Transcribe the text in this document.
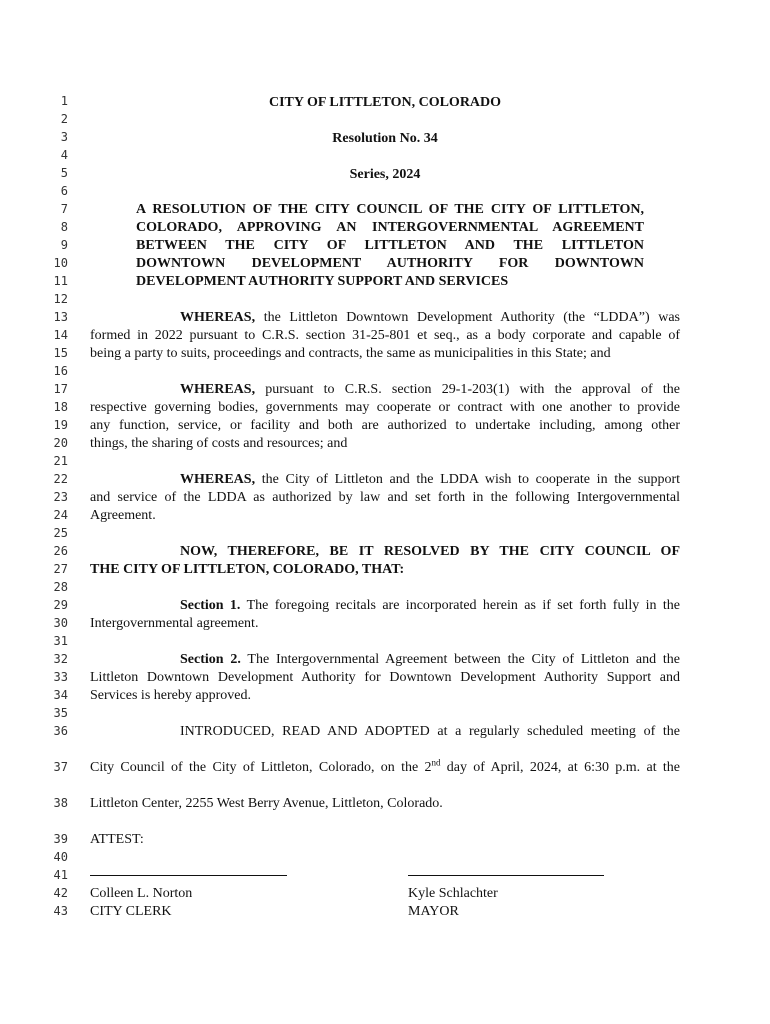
1
2
3
4
5
6
7
8
9
10
11
12
13
14
15
16
17
18
19
20
21
22
23
24
25
26
27
28
29
30
31
32
33
34
35
36
37
38
39
40
41
42
43
CITY OF LITTLETON, COLORADO
Resolution No. 34
Series, 2024
A RESOLUTION OF THE CITY COUNCIL OF THE CITY OF LITTLETON,
COLORADO, APPROVING AN INTERGOVERNMENTAL AGREEMENT
BETWEEN THE CITY OF LITTLETON AND THE LITTLETON
DOWNTOWN DEVELOPMENT AUTHORITY FOR DOWNTOWN
DEVELOPMENT AUTHORITY SUPPORT AND SERVICES
WHEREAS, the Littleton Downtown Development Authority (the “LDDA”) was
formed in 2022 pursuant to C.R.S. section 31-25-801 et seq., as a body corporate and capable of
being a party to suits, proceedings and contracts, the same as municipalities in this State; and
WHEREAS, pursuant to C.R.S. section 29-1-203(1) with the approval of the
respective governing bodies, governments may cooperate or contract with one another to provide
any function, service, or facility and both are authorized to undertake including, among other
things, the sharing of costs and resources; and
WHEREAS, the City of Littleton and the LDDA wish to cooperate in the support
and service of the LDDA as authorized by law and set forth in the following Intergovernmental
Agreement.
NOW, THEREFORE, BE IT RESOLVED BY THE CITY COUNCIL OF
THE CITY OF LITTLETON, COLORADO, THAT:
Section 1. The foregoing recitals are incorporated herein as if set forth fully in the
Intergovernmental agreement.
Section 2. The Intergovernmental Agreement between the City of Littleton and the
Littleton Downtown Development Authority for Downtown Development Authority Support and
Services is hereby approved.
INTRODUCED, READ AND ADOPTED at a regularly scheduled meeting of the
City Council of the City of Littleton, Colorado, on the 2nd day of April, 2024, at 6:30 p.m. at the
Littleton Center, 2255 West Berry Avenue, Littleton, Colorado.
ATTEST:
Colleen L. Norton
CITY CLERK
Kyle Schlachter
MAYOR
